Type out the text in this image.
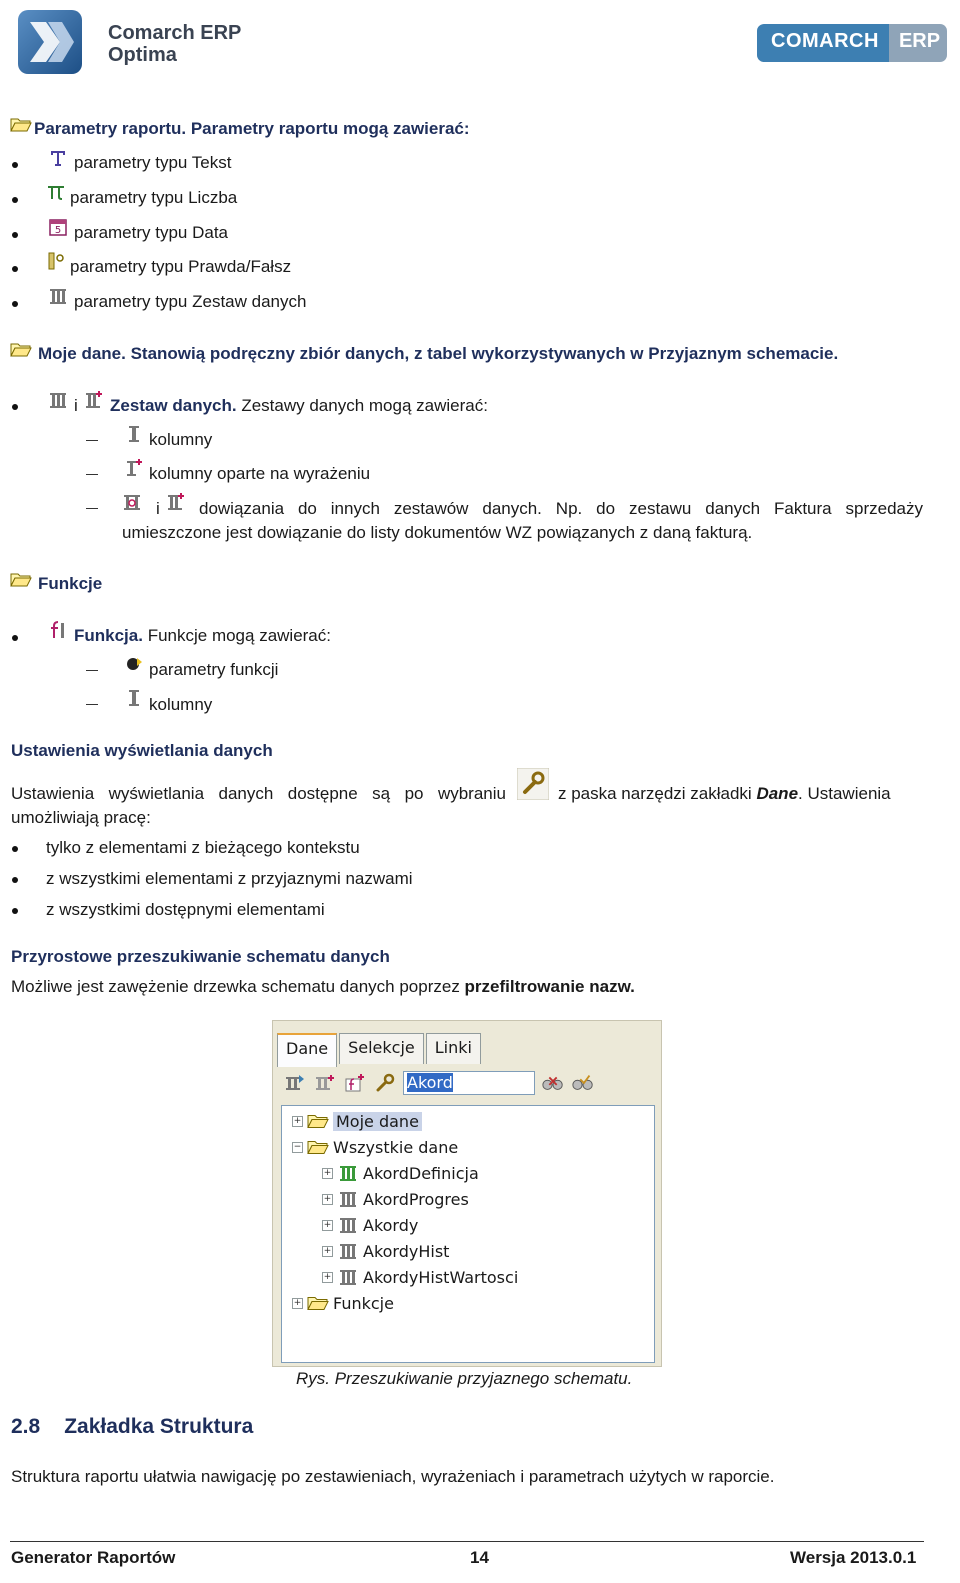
Comarch ERP
Optima
COMARCH	ERP
Parametry raportu. Parametry raportu mogą zawierać:
parametry typu Tekst
parametry typu Liczba
5 parametry typu Data
parametry typu Prawda/Fałsz
parametry typu Zestaw danych
Moje dane. Stanowią podręczny zbiór danych, z tabel wykorzystywanych w Przyjaznym schemacie.
i Zestaw danych. Zestawy danych mogą zawierać:
kolumny
kolumny oparte na wyrażeniu
i dowiązania do innych zestawów danych. Np. do zestawu danych Faktura sprzedaży
umieszczone jest dowiązanie do listy dokumentów WZ powiązanych z daną fakturą.
Funkcje
Funkcja. Funkcje mogą zawierać:
parametry funkcji
kolumny
Ustawienia wyświetlania danych
Ustawienia wyświetlania danych dostępne są po wybraniu	z paska narzędzi zakładki Dane. Ustawienia
umożliwiają pracę:
tylko z elementami z bieżącego kontekstu
z wszystkimi elementami z przyjaznymi nazwami
z wszystkimi dostępnymi elementami
Przyrostowe przeszukiwanie schematu danych
Możliwe jest zawężenie drzewka schematu danych poprzez przefiltrowanie nazw.
Dane	Selekcje	Linki
Akord
+ Moje dane
− Wszystkie dane
+ AkordDefinicja
+ AkordProgres
+ Akordy
+ AkordyHist
+ AkordyHistWartosci
+ Funkcje
Rys. Przeszukiwanie przyjaznego schematu.
2.8 Zakładka Struktura
Struktura raportu ułatwia nawigację po zestawieniach, wyrażeniach i parametrach użytych w raporcie.
Generator Raportów	14	Wersja 2013.0.1
